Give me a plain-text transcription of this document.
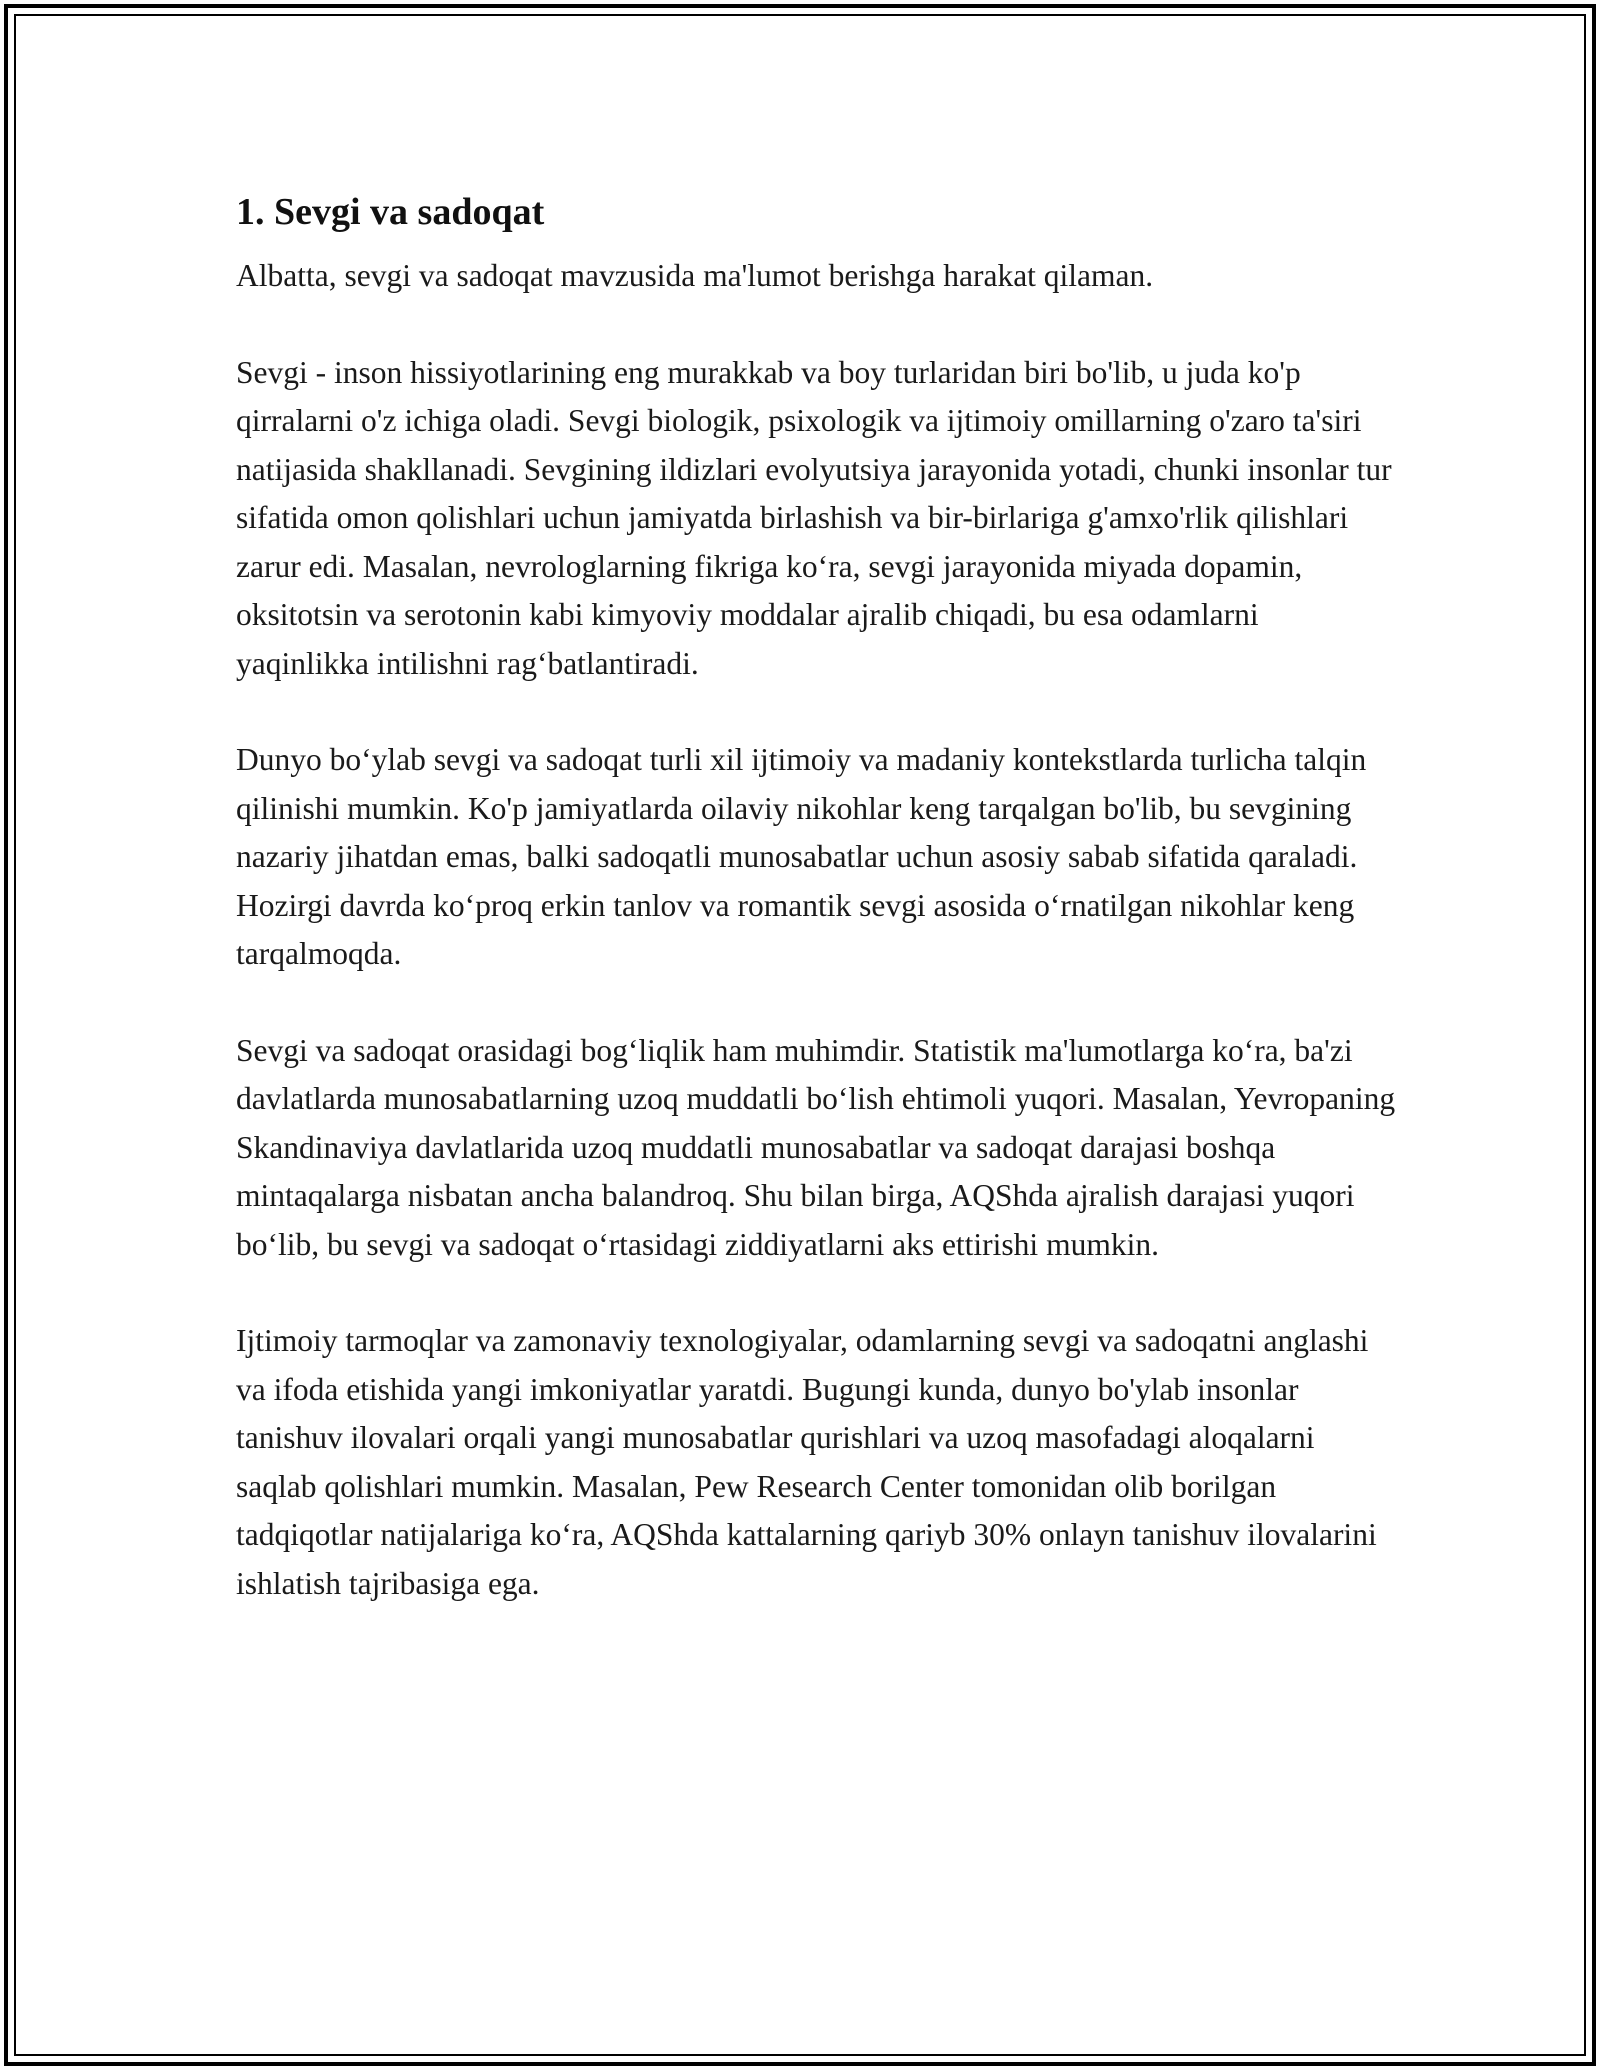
1. Sevgi va sadoqat

Albatta, sevgi va sadoqat mavzusida ma'lumot berishga harakat qilaman.

Sevgi - inson hissiyotlarining eng murakkab va boy turlaridan biri bo'lib, u juda ko'p qirralarni o'z ichiga oladi. Sevgi biologik, psixologik va ijtimoiy omillarning o'zaro ta'siri natijasida shakllanadi. Sevgining ildizlari evolyutsiya jarayonida yotadi, chunki insonlar tur sifatida omon qolishlari uchun jamiyatda birlashish va bir-birlariga g'amxo'rlik qilishlari zarur edi. Masalan, nevrologlarning fikriga ko‘ra, sevgi jarayonida miyada dopamin, oksitotsin va serotonin kabi kimyoviy moddalar ajralib chiqadi, bu esa odamlarni yaqinlikka intilishni rag‘batlantiradi.

Dunyo bo‘ylab sevgi va sadoqat turli xil ijtimoiy va madaniy kontekstlarda turlicha talqin qilinishi mumkin. Ko'p jamiyatlarda oilaviy nikohlar keng tarqalgan bo'lib, bu sevgining nazariy jihatdan emas, balki sadoqatli munosabatlar uchun asosiy sabab sifatida qaraladi. Hozirgi davrda ko‘proq erkin tanlov va romantik sevgi asosida o‘rnatilgan nikohlar keng tarqalmoqda.

Sevgi va sadoqat orasidagi bog‘liqlik ham muhimdir. Statistik ma'lumotlarga ko‘ra, ba'zi davlatlarda munosabatlarning uzoq muddatli bo‘lish ehtimoli yuqori. Masalan, Yevropaning Skandinaviya davlatlarida uzoq muddatli munosabatlar va sadoqat darajasi boshqa mintaqalarga nisbatan ancha balandroq. Shu bilan birga, AQShda ajralish darajasi yuqori bo‘lib, bu sevgi va sadoqat o‘rtasidagi ziddiyatlarni aks ettirishi mumkin.

Ijtimoiy tarmoqlar va zamonaviy texnologiyalar, odamlarning sevgi va sadoqatni anglashi va ifoda etishida yangi imkoniyatlar yaratdi. Bugungi kunda, dunyo bo'ylab insonlar tanishuv ilovalari orqali yangi munosabatlar qurishlari va uzoq masofadagi aloqalarni saqlab qolishlari mumkin. Masalan, Pew Research Center tomonidan olib borilgan tadqiqotlar natijalariga ko‘ra, AQShda kattalarning qariyb 30% onlayn tanishuv ilovalarini ishlatish tajribasiga ega.
